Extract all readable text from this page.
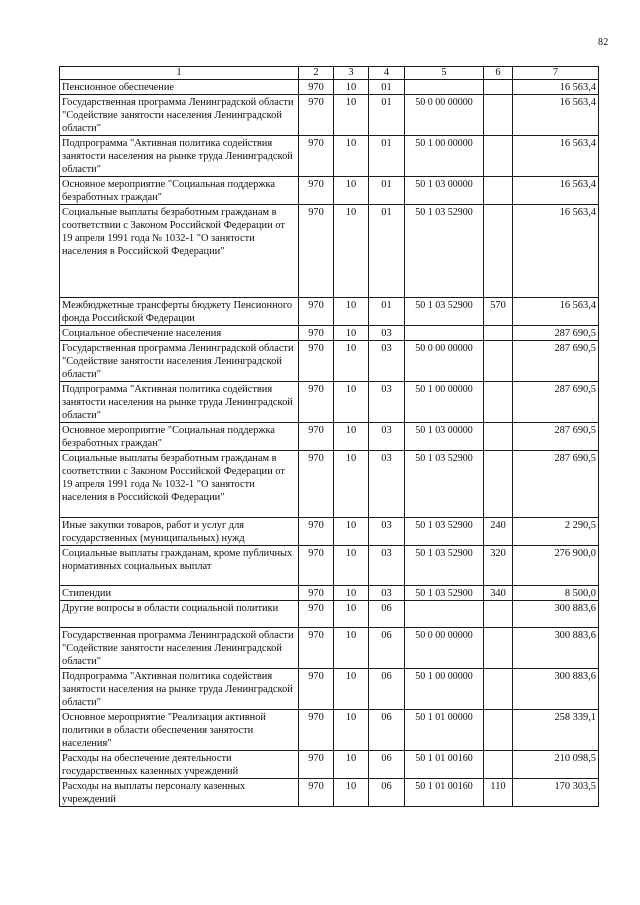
82
1	2	3	4	5	6	7
Пенсионное обеспечение	970	10	01			16 563,4
Государственная программа Ленинградской области "Содействие занятости населения Ленинградской области"	970	10	01	50 0 00 00000		16 563,4
Подпрограмма "Активная политика содействия занятости населения на рынке труда Ленинградской области"	970	10	01	50 1 00 00000		16 563,4
Основное мероприятие "Социальная поддержка безработных граждан"	970	10	01	50 1 03 00000		16 563,4
Социальные выплаты безработным гражданам в соответствии с Законом Российской Федерации от 19 апреля 1991 года № 1032-1 "О занятости населения в Российской Федерации"	970	10	01	50 1 03 52900		16 563,4
Межбюджетные трансферты бюджету Пенсионного фонда Российской Федерации	970	10	01	50 1 03 52900	570	16 563,4
Социальное обеспечение населения	970	10	03			287 690,5
Государственная программа Ленинградской области "Содействие занятости населения Ленинградской области"	970	10	03	50 0 00 00000		287 690,5
Подпрограмма "Активная политика содействия занятости населения на рынке труда Ленинградской области"	970	10	03	50 1 00 00000		287 690,5
Основное мероприятие "Социальная поддержка безработных граждан"	970	10	03	50 1 03 00000		287 690,5
Социальные выплаты безработным гражданам в соответствии с Законом Российской Федерации от 19 апреля 1991 года № 1032-1 "О занятости населения в Российской Федерации"	970	10	03	50 1 03 52900		287 690,5
Иные закупки товаров, работ и услуг для государственных (муниципальных) нужд	970	10	03	50 1 03 52900	240	2 290,5
Социальные выплаты гражданам, кроме публичных нормативных социальных выплат	970	10	03	50 1 03 52900	320	276 900,0
Стипендии	970	10	03	50 1 03 52900	340	8 500,0
Другие вопросы в области социальной политики	970	10	06			300 883,6
Государственная программа Ленинградской области "Содействие занятости населения Ленинградской области"	970	10	06	50 0 00 00000		300 883,6
Подпрограмма "Активная политика содействия занятости населения на рынке труда Ленинградской области"	970	10	06	50 1 00 00000		300 883,6
Основное мероприятие "Реализация активной политики в области обеспечения занятости населения"	970	10	06	50 1 01 00000		258 339,1
Расходы на обеспечение деятельности государственных казенных учреждений	970	10	06	50 1 01 00160		210 098,5
Расходы на выплаты персоналу казенных учреждений	970	10	06	50 1 01 00160	110	170 303,5
